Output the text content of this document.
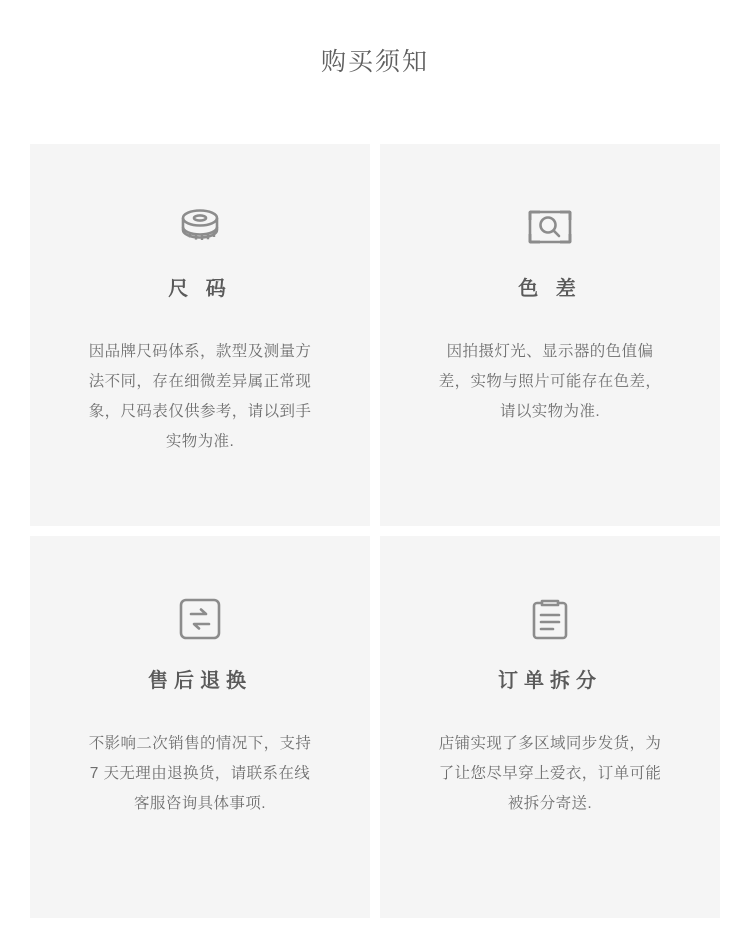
购买须知
尺 码
因品牌尺码体系，款型及测量方法不同，存在细微差异属正常现象，尺码表仅供参考，请以到手实物为准.
色 差
因拍摄灯光、显示器的色值偏差，实物与照片可能存在色差，请以实物为准.
售后退换
不影响二次销售的情况下，支持 7 天无理由退换货，请联系在线客服咨询具体事项.
订单拆分
店铺实现了多区域同步发货，为了让您尽早穿上爱衣，订单可能被拆分寄送.
